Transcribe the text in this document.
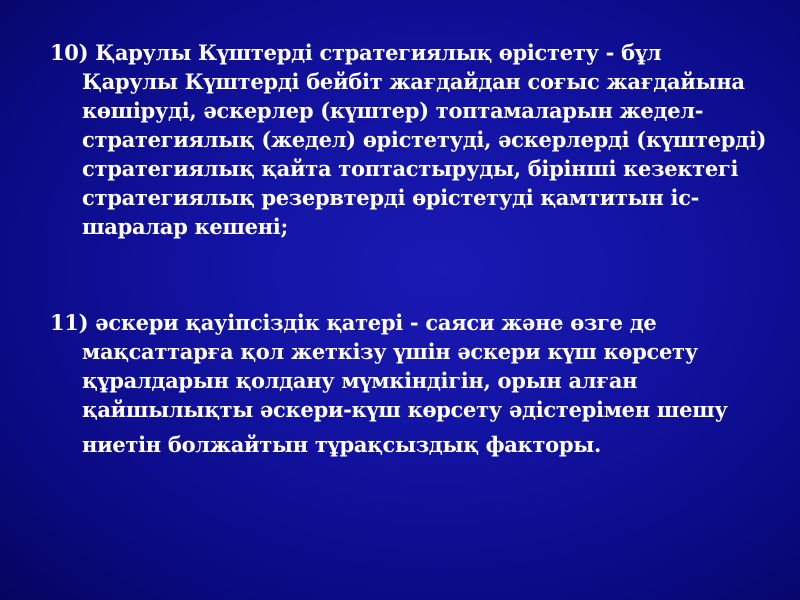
10) Қарулы Күштерді стратегиялық өрістету - бұл
Қарулы Күштерді бейбіт жағдайдан соғыс жағдайына
көшіруді, әскерлер (күштер) топтамаларын жедел-
стратегиялық (жедел) өрістетуді, әскерлерді (күштерді)
стратегиялық қайта топтастыруды, бірінші кезектегі
стратегиялық резервтерді өрістетуді қамтитын іс-
шаралар кешені;
11) әскери қауіпсіздік қатері - саяси және өзге де
мақсаттарға қол жеткізу үшін әскери күш көрсету
құралдарын қолдану мүмкіндігін, орын алған
қайшылықты әскери-күш көрсету әдістерімен шешу
ниетін болжайтын тұрақсыздық факторы.
